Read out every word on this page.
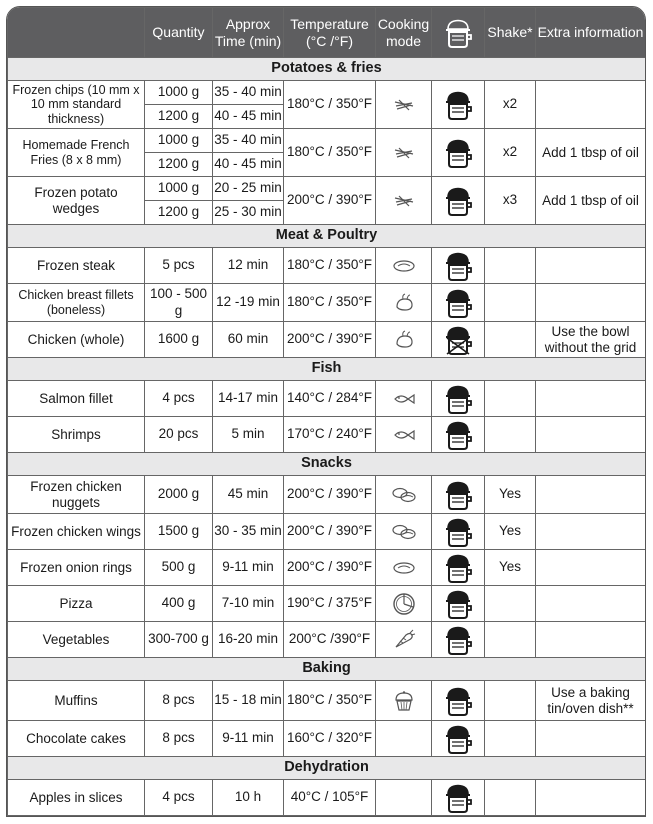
	Quantity	Approx Time (min)	Temperature (°C /°F)	Cooking mode		Shake*	Extra information
Potatoes & fries							
Frozen chips (10 mm x 10 mm standard thickness)	1000 g	35 - 40 min	180°C / 350°F			x2	
	1200 g	40 - 45 min					
Homemade French Fries (8 x 8 mm)	1000 g	35 - 40 min	180°C / 350°F			x2	Add 1 tbsp of oil
	1200 g	40 - 45 min					
Frozen potato wedges	1000 g	20 - 25 min	200°C / 390°F			x3	Add 1 tbsp of oil
	1200 g	25 - 30 min					
Meat & Poultry							
Frozen steak	5 pcs	12 min	180°C / 350°F	

Chicken breast fillets (boneless)	100 - 500 g	12 -19 min	180°C / 350°F	

Chicken (whole)	1600 g	60 min	200°C / 390°F				Use the bowl without the grid
Fish							
Salmon fillet	4 pcs	14-17 min	140°C / 284°F	

Shrimps	20 pcs	5 min	170°C / 240°F	

Snacks							
Frozen chicken nuggets	2000 g	45 min	200°C / 390°F			Yes	
Frozen chicken wings	1500 g	30 - 35 min	200°C / 390°F			Yes	
Frozen onion rings	500 g	9-11 min	200°C / 390°F			Yes	
Pizza	400 g	7-10 min	190°C / 375°F	

Vegetables	300-700 g	16-20 min	200°C /390°F	

Baking							
Muffins	8 pcs	15 - 18 min	180°C / 350°F				Use a baking tin/oven dish**
Chocolate cakes	8 pcs	9-11 min	160°C / 320°F		

Dehydration							
Apples in slices	4 pcs	10 h	40°C / 105°F		
